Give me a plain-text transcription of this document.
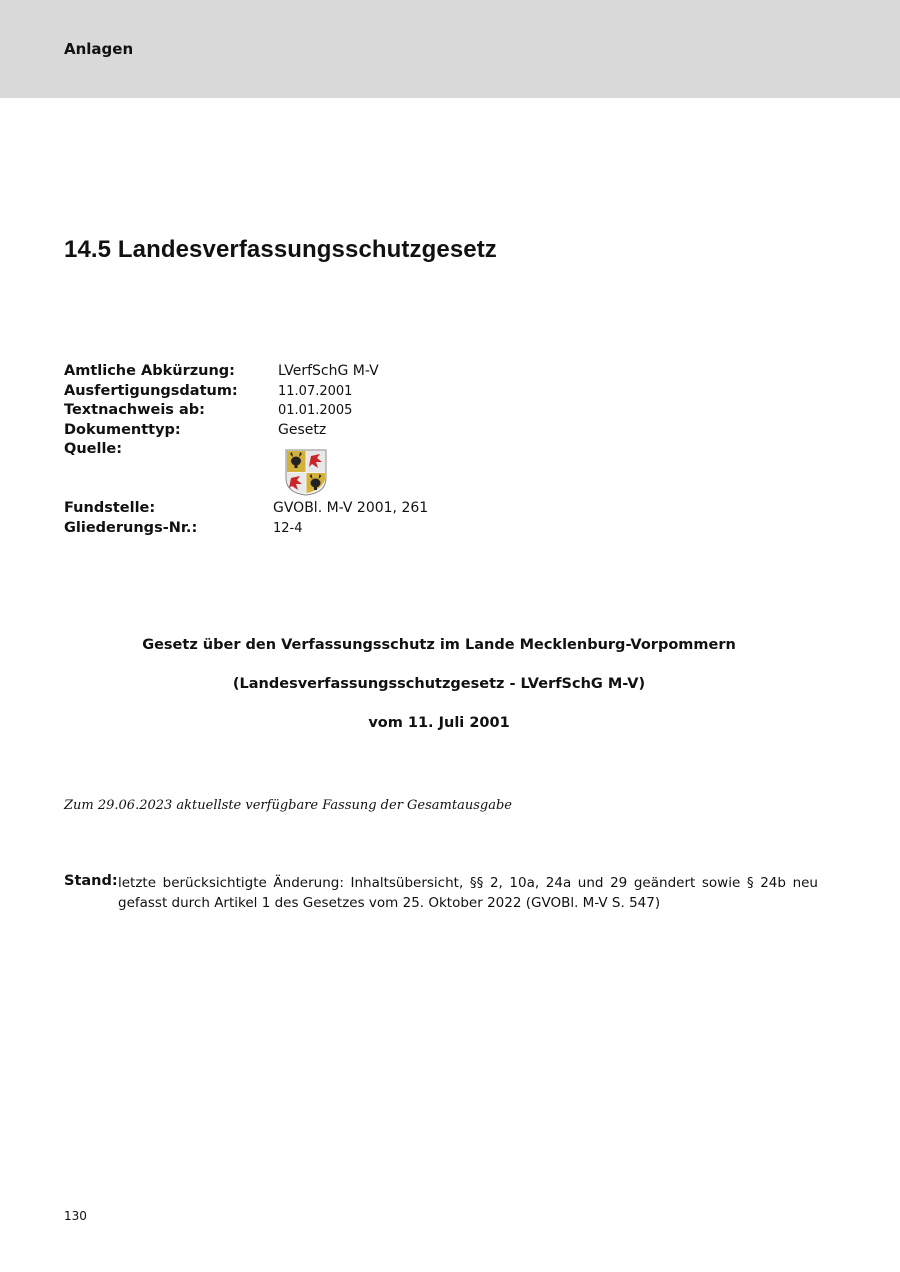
Anlagen
14.5 Landesverfassungsschutzgesetz
Amtliche Abkürzung:	LVerfSchG M-V
Ausfertigungsdatum:	11.07.2001
Textnachweis ab:	01.01.2005
Dokumenttyp:	Gesetz
Quelle:
Fundstelle:	GVOBl. M-V 2001, 261
Gliederungs-Nr.:	12-4
Gesetz über den Verfassungsschutz im Lande Mecklenburg-Vorpommern
(Landesverfassungsschutzgesetz - LVerfSchG M-V)
vom 11. Juli 2001
Zum 29.06.2023 aktuellste verfügbare Fassung der Gesamtausgabe
Stand: letzte berücksichtigte Änderung: Inhaltsübersicht, §§ 2, 10a, 24a und 29 geändert sowie § 24b neu gefasst durch Artikel 1 des Gesetzes vom 25. Oktober 2022 (GVOBl. M-V S. 547)
130
